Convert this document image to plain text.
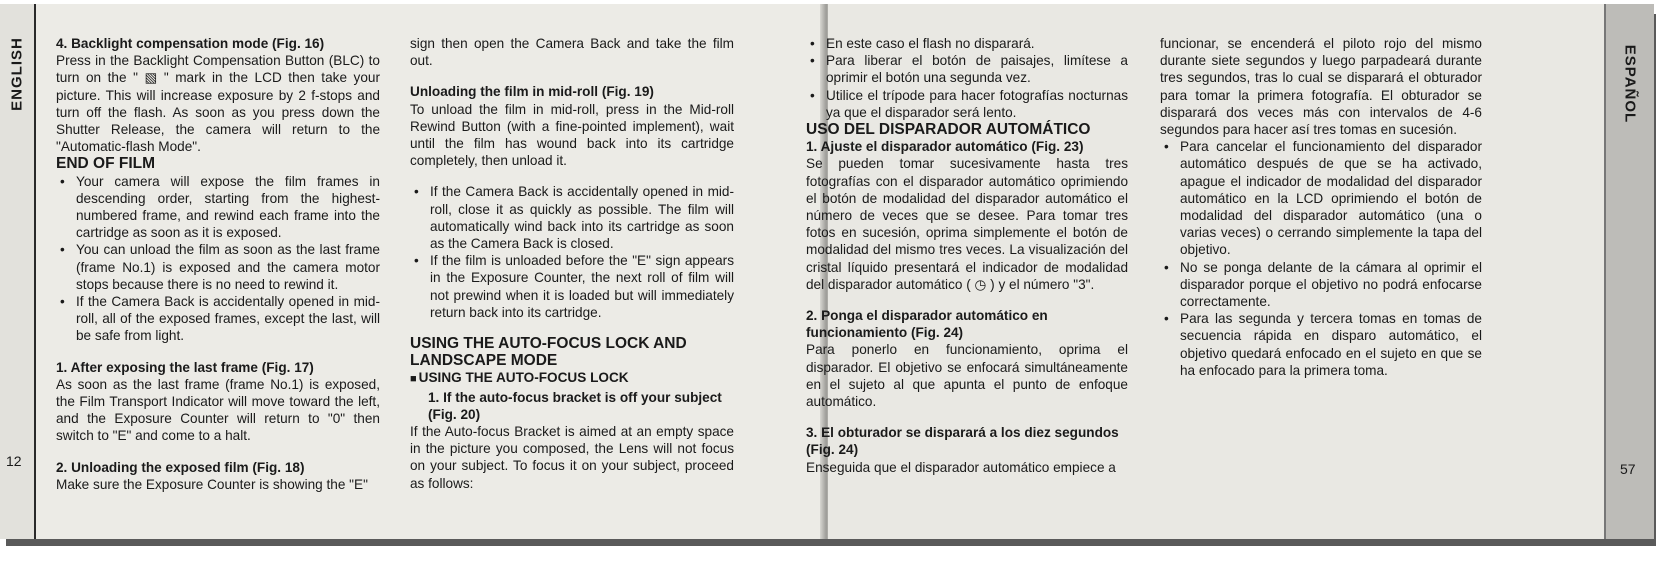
ENGLISH
12

4. Backlight compensation mode (Fig. 16)

Press in the Backlight Compensation Button (BLC) to turn on the " ▧ " mark in the LCD then take your picture. This will increase exposure by 2 f-stops and turn off the flash. As soon as you press down the Shutter Release, the camera will return to the "Automatic-flash Mode".

END OF FILM

• Your camera will expose the film frames in descending order, starting from the highest-numbered frame, and rewind each frame into the cartridge as soon as it is exposed.

• You can unload the film as soon as the last frame (frame No.1) is exposed and the camera motor stops because there is no need to rewind it.

• If the Camera Back is accidentally opened in mid-roll, all of the exposed frames, except the last, will be safe from light.

1. After exposing the last frame (Fig. 17)

As soon as the last frame (frame No.1) is exposed, the Film Transport Indicator will move toward the left, and the Exposure Counter will return to "0" then switch to "E" and come to a halt.

2. Unloading the exposed film (Fig. 18)

Make sure the Exposure Counter is showing the "E"

sign then open the Camera Back and take the film out.

Unloading the film in mid-roll (Fig. 19)

To unload the film in mid-roll, press in the Mid-roll Rewind Button (with a fine-pointed implement), wait until the film has wound back into its cartridge completely, then unload it.

• If the Camera Back is accidentally opened in mid-roll, close it as quickly as possible. The film will automatically wind back into its cartridge as soon as the Camera Back is closed.

• If the film is unloaded before the "E" sign appears in the Exposure Counter, the next roll of film will not prewind when it is loaded but will immediately return back into its cartridge.

USING THE AUTO-FOCUS LOCK AND LANDSCAPE MODE

■ USING THE AUTO-FOCUS LOCK

1. If the auto-focus bracket is off your subject (Fig. 20)

If the Auto-focus Bracket is aimed at an empty space in the picture you composed, the Lens will not focus on your subject. To focus it on your subject, proceed as follows:

• En este caso el flash no disparará.

• Para liberar el botón de paisajes, limítese a oprimir el botón una segunda vez.

• Utilice el trípode para hacer fotografías nocturnas ya que el disparador será lento.

USO DEL DISPARADOR AUTOMÁTICO

1. Ajuste el disparador automático (Fig. 23)

Se pueden tomar sucesivamente hasta tres fotografías con el disparador automático oprimiendo el botón de modalidad del disparador automático el número de veces que se desee. Para tomar tres fotos en sucesión, oprima simplemente el botón de modalidad del mismo tres veces. La visualización del cristal líquido presentará el indicador de modalidad del disparador automático ( ◷ ) y el número "3".

2. Ponga el disparador automático en funcionamiento (Fig. 24)

Para ponerlo en funcionamiento, oprima el disparador. El objetivo se enfocará simultáneamente en el sujeto al que apunta el punto de enfoque automático.

3. El obturador se disparará a los diez segundos (Fig. 24)

Enseguida que el disparador automático empiece a

funcionar, se encenderá el piloto rojo del mismo durante siete segundos y luego parpadeará durante tres segundos, tras lo cual se disparará el obturador para tomar la primera fotografía. El obturador se disparará dos veces más con intervalos de 4-6 segundos para hacer así tres tomas en sucesión.

• Para cancelar el funcionamiento del disparador automático después de que se ha activado, apague el indicador de modalidad del disparador automático en la LCD oprimiendo el botón de modalidad del disparador automático (una o varias veces) o cerrando simplemente la tapa del objetivo.

• No se ponga delante de la cámara al oprimir el disparador porque el objetivo no podrá enfocarse correctamente.

• Para las segunda y tercera tomas en tomas de secuencia rápida en disparo automático, el objetivo quedará enfocado en el sujeto en que se ha enfocado para la primera toma.

ESPAÑOL
57
